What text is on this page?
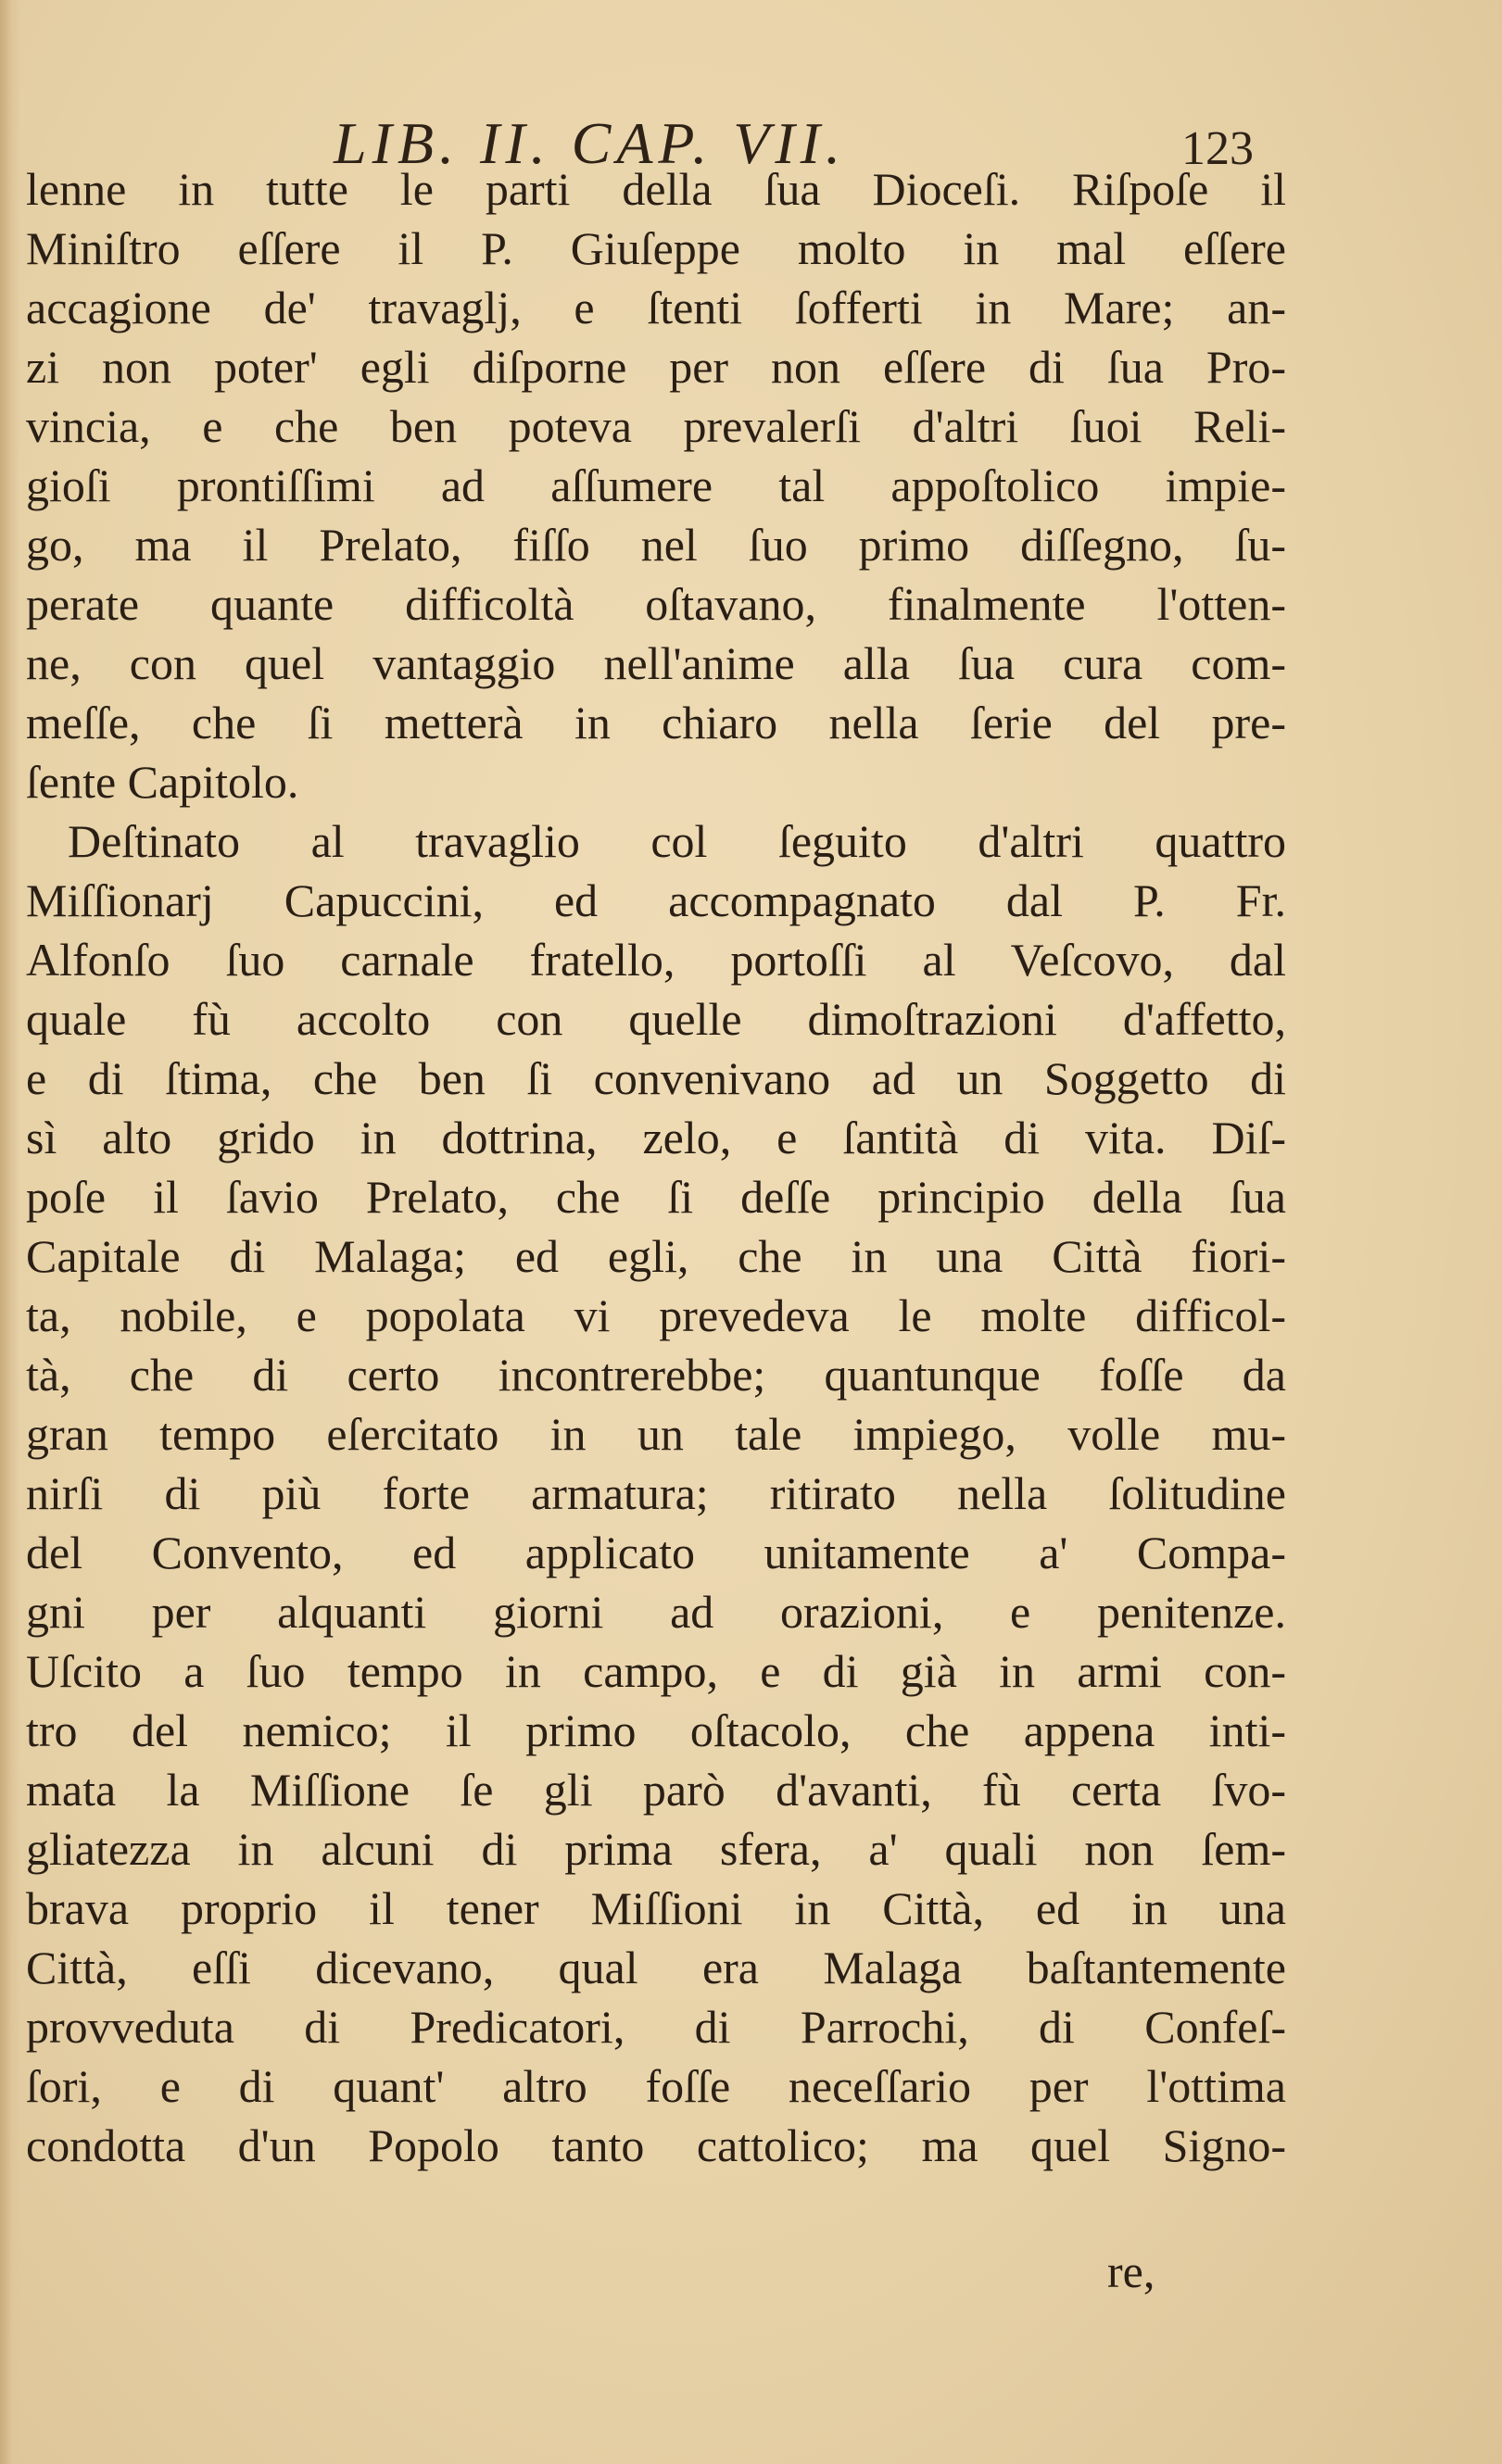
LIB. II. CAP. VII.	123
lenne in tutte le parti della ſua Dioceſi. Riſpoſe il
Miniſtro eſſere il P. Giuſeppe molto in mal eſſere
accagione de' travaglj, e ſtenti ſofferti in Mare; an-
zi non poter' egli diſporne per non eſſere di ſua Pro-
vincia, e che ben poteva prevalerſi d'altri ſuoi Reli-
gioſi prontiſſimi ad aſſumere tal appoſtolico impie-
go, ma il Prelato, fiſſo nel ſuo primo diſſegno, ſu-
perate quante difficoltà oſtavano, finalmente l'otten-
ne, con quel vantaggio nell'anime alla ſua cura com-
meſſe, che ſi metterà in chiaro nella ſerie del pre-
ſente Capitolo.
Deſtinato al travaglio col ſeguito d'altri quattro
Miſſionarj Capuccini, ed accompagnato dal P. Fr.
Alfonſo ſuo carnale fratello, portoſſi al Veſcovo, dal
quale fù accolto con quelle dimoſtrazioni d'affetto,
e di ſtima, che ben ſi convenivano ad un Soggetto di
sì alto grido in dottrina, zelo, e ſantità di vita. Diſ-
poſe il ſavio Prelato, che ſi deſſe principio della ſua
Capitale di Malaga; ed egli, che in una Città fiori-
ta, nobile, e popolata vi prevedeva le molte difficol-
tà, che di certo incontrerebbe; quantunque foſſe da
gran tempo eſercitato in un tale impiego, volle mu-
nirſi di più forte armatura; ritirato nella ſolitudine
del Convento, ed applicato unitamente a' Compa-
gni per alquanti giorni ad orazioni, e penitenze.
Uſcito a ſuo tempo in campo, e di già in armi con-
tro del nemico; il primo oſtacolo, che appena inti-
mata la Miſſione ſe gli parò d'avanti, fù certa ſvo-
gliatezza in alcuni di prima sfera, a' quali non ſem-
brava proprio il tener Miſſioni in Città, ed in una
Città, eſſi dicevano, qual era Malaga baſtantemente
provveduta di Predicatori, di Parrochi, di Confeſ-
ſori, e di quant' altro foſſe neceſſario per l'ottima
condotta d'un Popolo tanto cattolico; ma quel Signo-
re,
